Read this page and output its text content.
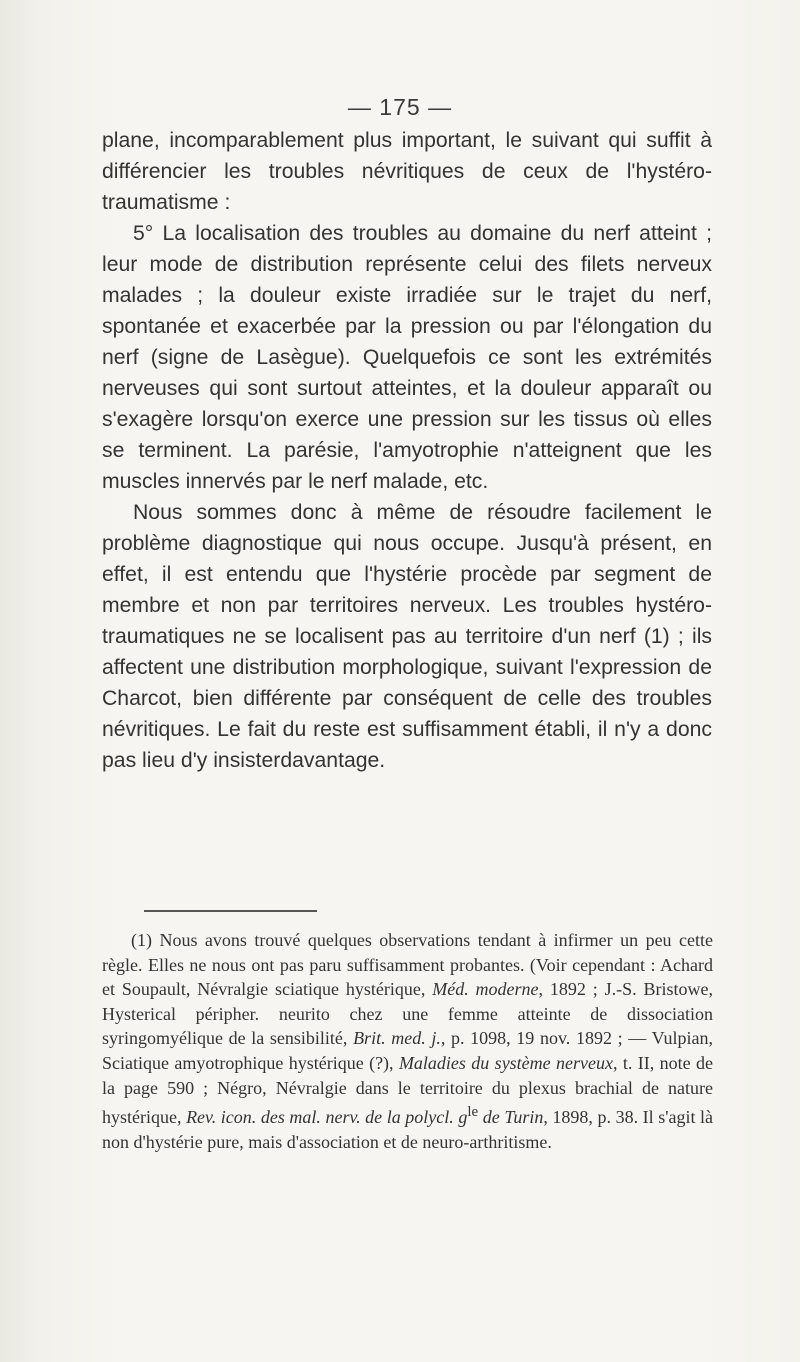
— 175 —

plane, incomparablement plus important, le suivant qui suffit à différencier les troubles névritiques de ceux de l'hystéro-traumatisme :

5° La localisation des troubles au domaine du nerf atteint ; leur mode de distribution représente celui des filets nerveux malades ; la douleur existe irradiée sur le trajet du nerf, spontanée et exacerbée par la pression ou par l'élongation du nerf (signe de Lasègue). Quelquefois ce sont les extrémités nerveuses qui sont surtout atteintes, et la douleur apparaît ou s'exagère lorsqu'on exerce une pression sur les tissus où elles se terminent. La parésie, l'amyotrophie n'atteignent que les muscles innervés par le nerf malade, etc.

Nous sommes donc à même de résoudre facilement le problème diagnostique qui nous occupe. Jusqu'à présent, en effet, il est entendu que l'hystérie procède par segment de membre et non par territoires nerveux. Les troubles hystéro-traumatiques ne se localisent pas au territoire d'un nerf (1) ; ils affectent une distribution morphologique, suivant l'expression de Charcot, bien différente par conséquent de celle des troubles névritiques. Le fait du reste est suffisamment établi, il n'y a donc pas lieu d'y insisterdavantage.

(1) Nous avons trouvé quelques observations tendant à infirmer un peu cette règle. Elles ne nous ont pas paru suffisamment probantes. (Voir cependant : Achard et Soupault, Névralgie sciatique hystérique, Méd. moderne, 1892 ; J.-S. Bristowe, Hysterical péripher. neurito chez une femme atteinte de dissociation syringomyélique de la sensibilité, Brit. med. j., p. 1098, 19 nov. 1892 ; — Vulpian, Sciatique amyotrophique hystérique (?), Maladies du système nerveux, t. II, note de la page 590 ; Négro, Névralgie dans le territoire du plexus brachial de nature hystérique, Rev. icon. des mal. nerv. de la polycl. $g^{le}$ de Turin, 1898, p. 38. Il s'agit là non d'hystérie pure, mais d'association et de neuro-arthritisme.
